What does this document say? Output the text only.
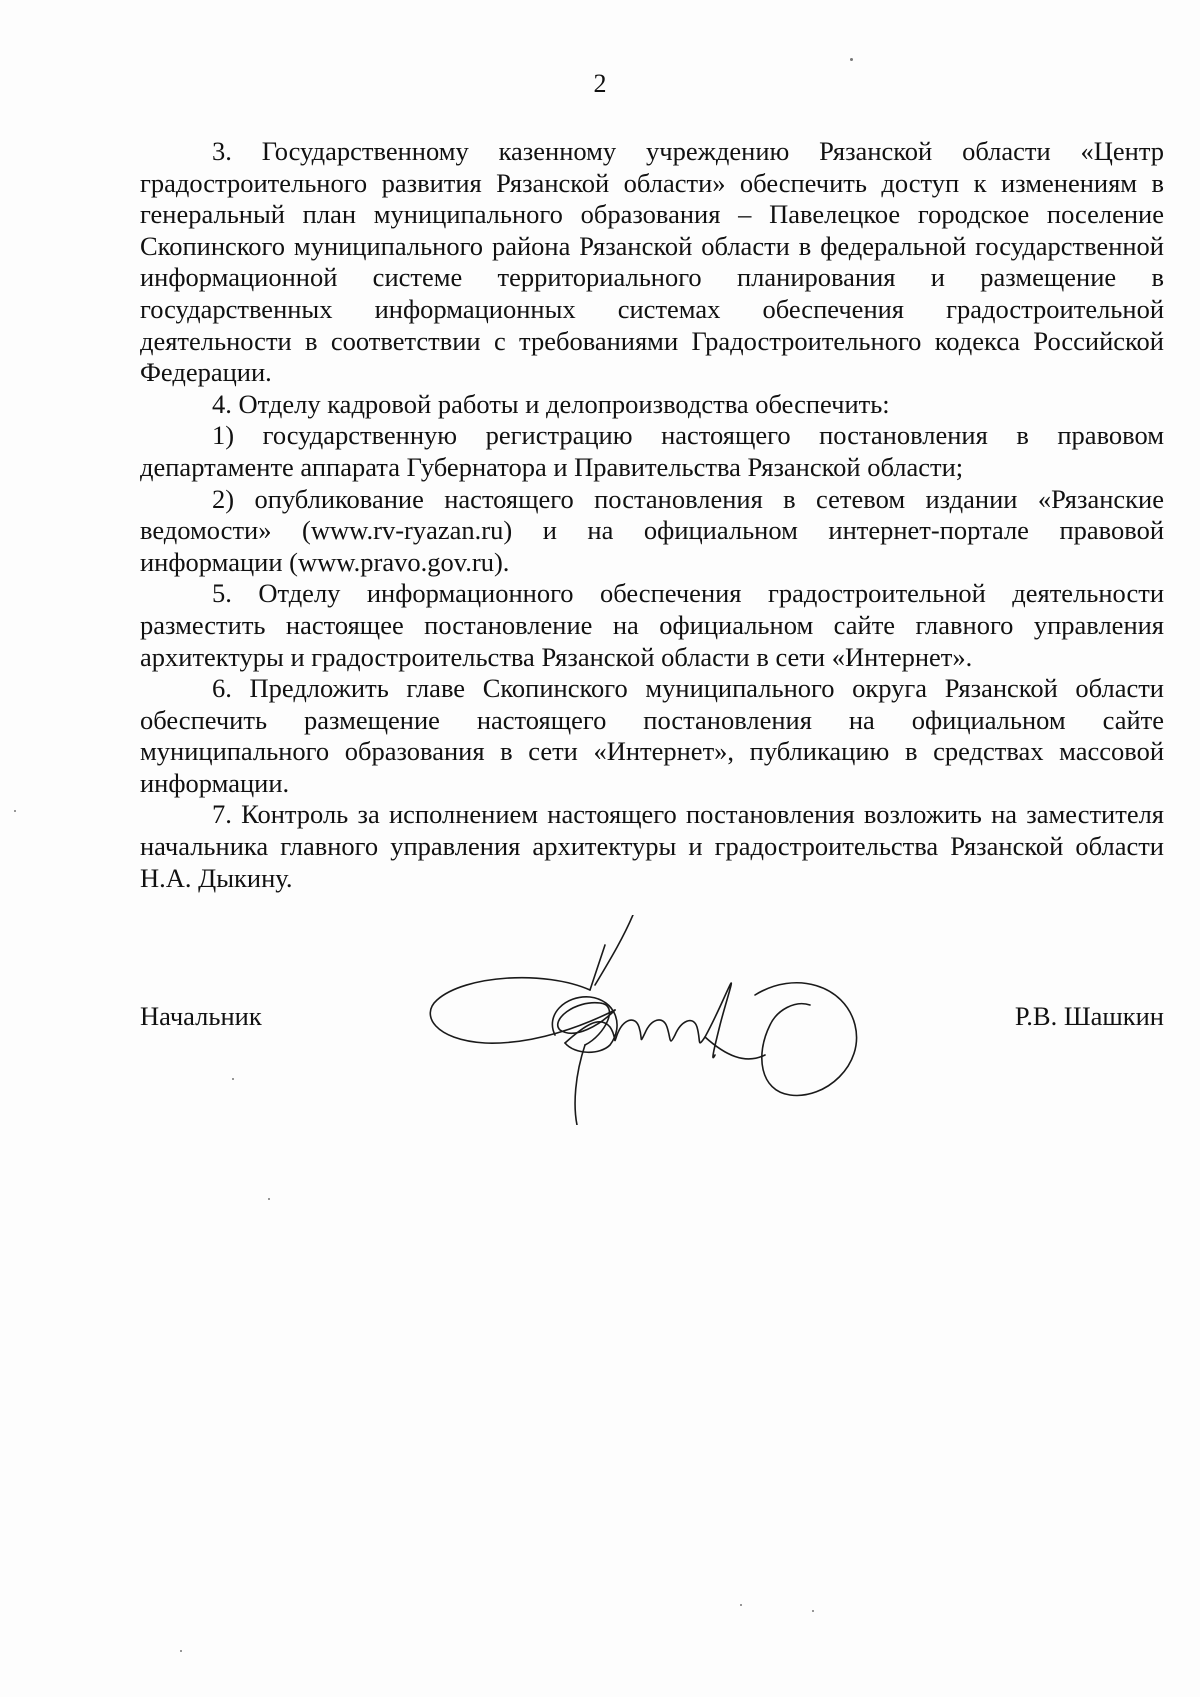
2

3. Государственному казенному учреждению Рязанской области «Центр градостроительного развития Рязанской области» обеспечить доступ к изменениям в генеральный план муниципального образования – Павелецкое городское поселение Скопинского муниципального района Рязанской области в федеральной государственной информационной системе территориального планирования и размещение в государственных информационных системах обеспечения градостроительной деятельности в соответствии с требованиями Градостроительного кодекса Российской Федерации.

4. Отделу кадровой работы и делопроизводства обеспечить:

1) государственную регистрацию настоящего постановления в правовом департаменте аппарата Губернатора и Правительства Рязанской области;

2) опубликование настоящего постановления в сетевом издании «Рязанские ведомости» (www.rv-ryazan.ru) и на официальном интернет-портале правовой информации (www.pravo.gov.ru).

5. Отделу информационного обеспечения градостроительной деятельности разместить настоящее постановление на официальном сайте главного управления архитектуры и градостроительства Рязанской области в сети «Интернет».

6. Предложить главе Скопинского муниципального округа Рязанской области обеспечить размещение настоящего постановления на официальном сайте муниципального образования в сети «Интернет», публикацию в средствах массовой информации.

7. Контроль за исполнением настоящего постановления возложить на заместителя начальника главного управления архитектуры и градостроительства Рязанской области Н.А. Дыкину.

Начальник	Р.В. Шашкин
